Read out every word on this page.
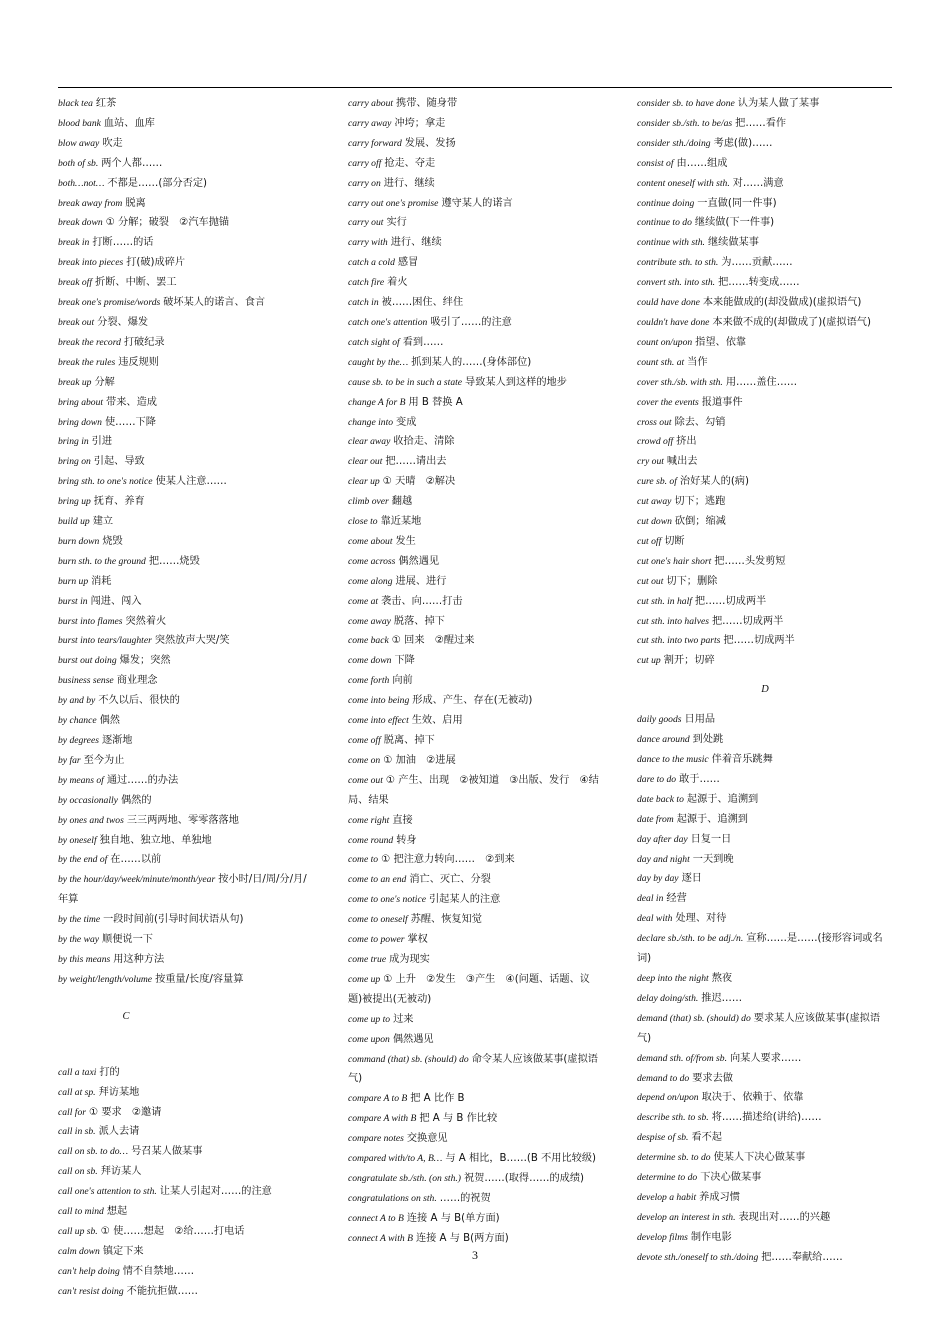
black tea 红茶
blood bank 血站、血库
blow away 吹走
both of sb. 两个人都……
both…not… 不都是……(部分否定)
break away from 脱离
break down ① 分解；破裂　②汽车抛锚
break in 打断……的话
break into pieces 打(破)成碎片
break off 折断、中断、罢工
break one's promise/words 破坏某人的诺言、食言
break out 分裂、爆发
break the record 打破纪录
break the rules 违反规则
break up 分解
bring about 带来、造成
bring down 使……下降
bring in 引进
bring on 引起、导致
bring sth. to one's notice 使某人注意……
bring up 抚育、养育
build up 建立
burn down 烧毁
burn sth. to the ground 把……烧毁
burn up 消耗
burst in 闯进、闯入
burst into flames 突然着火
burst into tears/laughter 突然放声大哭/笑
burst out doing 爆发；突然
business sense 商业理念
by and by 不久以后、很快的
by chance 偶然
by degrees 逐渐地
by far 至今为止
by means of 通过……的办法
by occasionally 偶然的
by ones and twos 三三两两地、零零落落地
by oneself 独自地、独立地、单独地
by the end of 在……以前
by the hour/day/week/minute/month/year 按小时/日/周/分/月/年算
by the time 一段时间前(引导时间状语从句)
by the way 顺便说一下
by this means 用这种方法
by weight/length/volume 按重量/长度/容量算
C
call a taxi 打的
call at sp. 拜访某地
call for ① 要求　②邀请
call in sb. 派人去请
call on sb. to do… 号召某人做某事
call on sb. 拜访某人
call one's attention to sth. 让某人引起对……的注意
call to mind 想起
call up sb. ① 使……想起　②给……打电话
calm down 镇定下来
can't help doing 情不自禁地……
can't resist doing 不能抗拒做……
carry about 携带、随身带
carry away 冲垮；拿走
carry forward 发展、发扬
carry off 抢走、夺走
carry on 进行、继续
carry out one's promise 遵守某人的诺言
carry out 实行
carry with 进行、继续
catch a cold 感冒
catch fire 着火
catch in 被……困住、绊住
catch one's attention 吸引了……的注意
catch sight of 看到……
caught by the… 抓到某人的……(身体部位)
cause sb. to be in such a state 导致某人到这样的地步
change A for B 用 B 替换 A
change into 变成
clear away 收拾走、清除
clear out 把……请出去
clear up ① 天晴　②解决
climb over 翻越
close to 靠近某地
come about 发生
come across 偶然遇见
come along 进展、进行
come at 袭击、向……打击
come away 脱落、掉下
come back ① 回来　②醒过来
come down 下降
come forth 向前
come into being 形成、产生、存在(无被动)
come into effect 生效、启用
come off 脱离、掉下
come on ① 加油　②进展
come out ① 产生、出现　②被知道　③出版、发行　④结局、结果
come right 直接
come round 转身
come to ① 把注意力转向……　②到来
come to an end 消亡、灭亡、分裂
come to one's notice 引起某人的注意
come to oneself 苏醒、恢复知觉
come to power 掌权
come true 成为现实
come up ① 上升　②发生　③产生　④(问题、话题、议题)被提出(无被动)
come up to 过来
come upon 偶然遇见
command (that) sb. (should) do 命令某人应该做某事(虚拟语气)
compare A to B 把 A 比作 B
compare A with B 把 A 与 B 作比较
compare notes 交换意见
compared with/to A, B… 与 A 相比，B……(B 不用比较级)
congratulate sb./sth. (on sth.) 祝贺……(取得……的成绩)
congratulations on sth. ……的祝贺
connect A to B 连接 A 与 B(单方面)
connect A with B 连接 A 与 B(两方面)
consider sb. to have done 认为某人做了某事
consider sb./sth. to be/as 把……看作
consider sth./doing 考虑(做)……
consist of 由……组成
content oneself with sth. 对……满意
continue doing 一直做(同一件事)
continue to do 继续做(下一件事)
continue with sth. 继续做某事
contribute sth. to sth. 为……贡献……
convert sth. into sth. 把……转变成……
could have done 本来能做成的(却没做成)(虚拟语气)
couldn't have done 本来做不成的(却做成了)(虚拟语气)
count on/upon 指望、依靠
count sth. at 当作
cover sth./sb. with sth. 用……盖住……
cover the events 报道事件
cross out 除去、勾销
crowd off 挤出
cry out 喊出去
cure sb. of 治好某人的(病)
cut away 切下；逃跑
cut down 砍倒；缩减
cut off 切断
cut one's hair short 把……头发剪短
cut out 切下；删除
cut sth. in half 把……切成两半
cut sth. into halves 把……切成两半
cut sth. into two parts 把……切成两半
cut up 割开；切碎
D
daily goods 日用品
dance around 到处跳
dance to the music 伴着音乐跳舞
dare to do 敢于……
date back to 起源于、追溯到
date from 起源于、追溯到
day after day 日复一日
day and night 一天到晚
day by day 逐日
deal in 经营
deal with 处理、对待
declare sb./sth. to be adj./n. 宣称……是……(接形容词或名词)
deep into the night 熬夜
delay doing/sth. 推迟……
demand (that) sb. (should) do 要求某人应该做某事(虚拟语气)
demand sth. of/from sb. 向某人要求……
demand to do 要求去做
depend on/upon 取决于、依赖于、依靠
describe sth. to sb. 将……描述给(讲给)……
despise of sb. 看不起
determine sb. to do 使某人下决心做某事
determine to do 下决心做某事
develop a habit 养成习惯
develop an interest in sth. 表现出对……的兴趣
develop films 制作电影
devote sth./oneself to sth./doing 把……奉献给……
3
